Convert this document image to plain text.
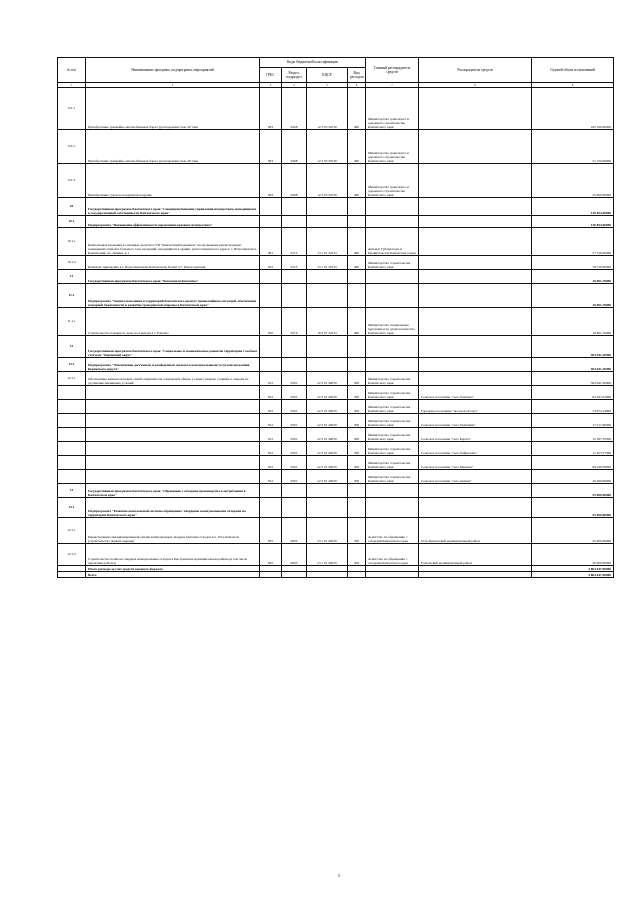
№ п/п	Наименование программ, подпрограмм, мероприятий	Коды бюджетной классификации				Главный распорядитель средств	Распорядитель средств	Годовой объем ассигнований
		ГРБС	Раздел, подраздел	КЦСР	Вид расходов			
1	2	3	4	5	6	7	8	9
9.2.1	Приобретение трамвайно-автомобильных барж грузоподъемностью 40 тонн	833	0408	12 3 03 30130	400	Министерство транспорта и дорожного строительства Камчатского края		100 100,00000
9.2.2	Приобретение трамвайно-автомобильных барж грузоподъемностью 20 тонн	833	0408	12 3 03 30130	400	Министерство транспорта и дорожного строительства Камчатского края		21 150,00000
9.2.3	Приобретение судов на воздушной подушке	833	0408	12 3 03 30130	400	Министерство транспорта и дорожного строительства Камчатского края		25 000,00000
10	Государственная программа Камчатского края "Совершенствование управления имуществом, находящимся в государственной собственности Камчатского края"							136 854,00000
10.1	Подпрограмма "Повышение эффективности управления краевым имуществом"							136 854,00000
10.1.1	Капитальные вложения в основные средства ГУП "Камчатский водоканал" на проведение реконструкции помещений сетевой и большого зала заседаний, находящихся в здании, расположенном по адресу: г. Петропавловск-Камчатский, пл. Ленина, д.1	801	0113	13 1 01 30133	400	Аппарат Губернатора и Правительства Камчатского края		57 516,00000
10.1.2	Комплекс приюдских в г. Петропавловске-Камчатском. Блоки 3,7. Реконструкция	812	0113	13 1 01 30133	400	Министерство строительства Камчатского края		78 516,00000
11	Государственная программа Камчатского края "Безопасная Камчатка"							16 801,79000
11.1	Подпрограмма "Защита населения и территорий Камчатского края от чрезвычайных ситуаций, обеспечение пожарной безопасности и развитие гражданской обороны в Камчатском крае"							16 801,79000
11.1.1	Строительство пожарного депо на 2 выезда в г. Елизово	810	0310	16 2 07 30133	400	Министерство специальных программ и по делам казачества Камчатского края		16 801,79000
12	Государственная программа Камчатского края "Социальное и экономическое развитие территории с особым статусом "Корякский округ"							304 941,20900
12.1	Подпрограмма "Обеспечение доступным и комфортным жильем и коммунальными услугами населения Корякского округа"							304 941,20900
12.1.1	Обеспечение жильем молодых семей специалистов социальной сферы, а также граждан, стоящих в очереди на улучшение жилищных условий	812	0501	22 3 01 40070	500	Министерство строительства Камчатского края		304 941,20900
		812	0501	22 3 01 40070	500	Министерство строительства Камчатского края	Сельское поселение "село Хаилино"	62 297,01900
		812	0501	22 3 01 40070	500	Министерство строительства Камчатского края	Городское поселение "поселок Оссора"	74 672,23900
		812	0501	22 3 01 40070	500	Министерство строительства Камчатского края	Сельское поселение "село Тиличики"	17 217,99300
		812	0501	22 3 01 40070	500	Министерство строительства Камчатского края	Сельское поселение "село Карага"	12 367,53300
		812	0501	22 3 01 40070	500	Министерство строительства Камчатского края	Сельское поселение "село Хайрюзово"	11 453,77300
		812	0501	22 3 01 40070	500	Министерство строительства Камчатского края	Сельское поселение "село Манилы"	96 046,39000
		812	0501	22 3 01 40070	500	Министерство строительства Камчатского края	Сельское поселение "село Анапка"	30 499,00000
13	Государственная программа Камчатского края "Обращение с отходами производства и потребления в Камчатском крае"							55 000,00000
13.1	Подпрограмма "Развитие комплексной системы обращения с твердыми коммунальными отходами на территории Камчатского края"							55 000,00000
13.1.1	Реконструкция санкционированной свалки коммунальных твердых бытовых отходов в п. Усть-Камчатск (строительство первой очереди)	835	0605	23 1 01 40070	500	Агентство по обращению с отходами Камчатского края	Усть-Камчатский муниципальный район	35 000,00000
13.1.2	Строительство полигона твердых коммунальных отходов в Быстринском муниципальном районе (в том числе проектные работы)	835	0605	23 1 01 40070	500	Агентство по обращению с отходами Камчатского края	Елизовский муниципальный район	20 000,00000
	Итого расходы за счет средств краевого бюджета							4 804 647,90000
	Всего							4 804 647,90000
5
